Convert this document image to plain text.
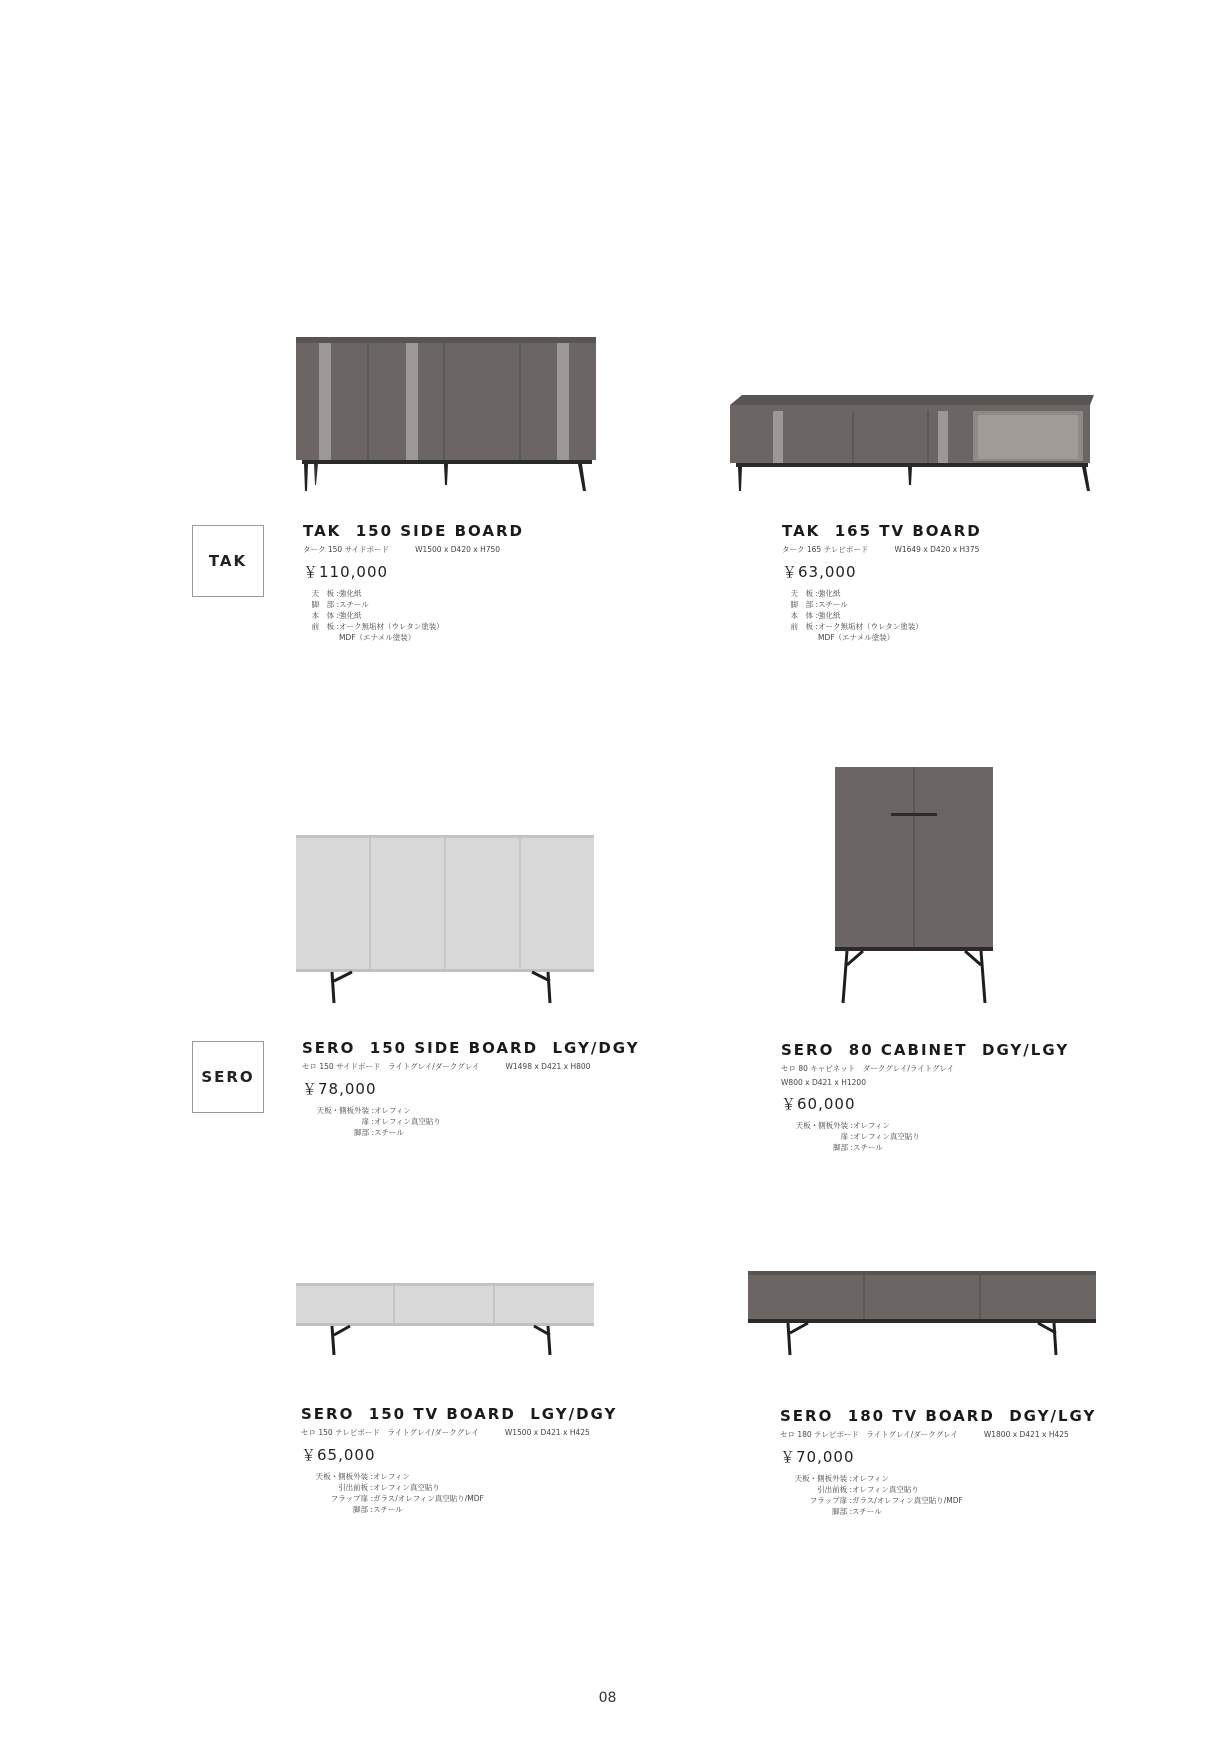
TAK
SERO
TAK  150 SIDE BOARD
ターク 150 サイドボード	W1500 x D420 x H750
￥110,000
天　板 : 強化紙
脚　部 : スチール
本　体 : 強化紙
前　板 : オーク無垢材（ウレタン塗装）
MDF（エナメル塗装）
TAK  165 TV BOARD
ターク 165 テレビボード	W1649 x D420 x H375
￥63,000
天　板 : 強化紙
脚　部 : スチール
本　体 : 強化紙
前　板 : オーク無垢材（ウレタン塗装）
MDF（エナメル塗装）
SERO  150 SIDE BOARD  LGY/DGY
セロ 150 サイドボード　ライトグレイ/ダークグレイ	W1498 x D421 x H800
￥78,000
天板・側板外装 : オレフィン
扉 : オレフィン真空貼り
脚部 : スチール
SERO  80 CABINET  DGY/LGY
セロ 80 キャビネット　ダークグレイ/ライトグレイ
W800 x D421 x H1200
￥60,000
天板・側板外装 : オレフィン
扉 : オレフィン真空貼り
脚部 : スチール
SERO  150 TV BOARD  LGY/DGY
セロ 150 テレビボード　ライトグレイ/ダークグレイ	W1500 x D421 x H425
￥65,000
天板・側板外装 : オレフィン
引出前板 : オレフィン真空貼り
フラップ扉 : ガラス/オレフィン真空貼り/MDF
脚部 : スチール
SERO  180 TV BOARD  DGY/LGY
セロ 180 テレビボード　ライトグレイ/ダークグレイ	W1800 x D421 x H425
￥70,000
天板・側板外装 : オレフィン
引出前板 : オレフィン真空貼り
フラップ扉 : ガラス/オレフィン真空貼り/MDF
脚部 : スチール
08
